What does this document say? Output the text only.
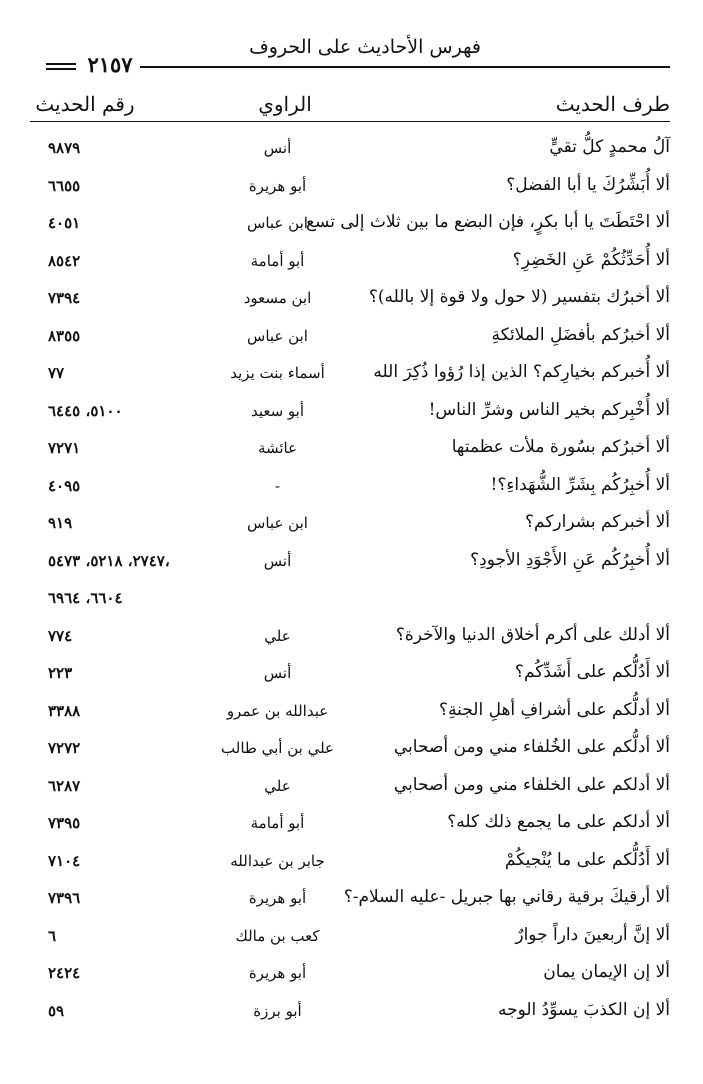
فهرس الأحاديث على الحروف
٢١٥٧
طرف الحديث
الراوي
رقم الحديث
آلُ محمدٍ كلُّ تقيٍّ
أنس
٩٨٧٩
ألا أُبَشِّرُكَ يا أبا الفضل؟
أبو هريرة
٦٦٥٥
ألا احْتَطَتَ يا أبا بكرٍ، فإن البضع ما بين ثلاث إلى تسع
ابن عباس
٤٠٥١
ألا أُحَدِّثُكُمْ عَنِ الخَضِرِ؟
أبو أمامة
٨٥٤٢
ألا أخبرُك بتفسير (لا حول ولا قوة إلا بالله)؟
ابن مسعود
٧٣٩٤
ألا أخبرُكم بأفضَلِ الملائكةِ
ابن عباس
٨٣٥٥
ألا أُخبركم بخيارِكم؟ الذين إذا رُؤوا ذُكِرَ الله
أسماء بنت يزيد
٧٧
ألا أُخْبِركم بخير الناس وشرِّ الناس!
أبو سعيد
٥١٠٠، ٦٤٤٥
ألا أخبرُكم بسُورة ملأت عظمتها
عائشة
٧٢٧١
ألا أُخبِرُكُم بِشَرِّ الشُّهَداءِ؟!
-
٤٠٩٥
ألا أخبركم بشراركم؟
ابن عباس
٩١٩
ألا أُخبِرُكُم عَنِ الأَجْوَدِ الأجودِ؟
أنس
٢٧٤٧، ٥٢١٨، ٥٤٧٣،
٦٦٠٤، ٦٩٦٤
ألا أدلك على أكرم أخلاق الدنيا والآخرة؟
علي
٧٧٤
ألا أَدُلُّكم على أَشَدِّكُم؟
أنس
٢٢٣
ألا أدلُّكم على أشرافِ أهلِ الجنةِ؟
عبدالله بن عمرو
٣٣٨٨
ألا أدلُّكم على الخُلفاء مني ومن أصحابي
علي بن أبي طالب
٧٢٧٢
ألا أدلكم على الخلفاء مني ومن أصحابي
علي
٦٢٨٧
ألا أدلكم على ما يجمع ذلك كله؟
أبو أمامة
٧٣٩٥
ألا أَدُلُّكم على ما يُنْجيكُمْ
جابر بن عبدالله
٧١٠٤
ألا أرقيكَ برقية رقاني بها جبريل -عليه السلام-؟
أبو هريرة
٧٣٩٦
ألا إنَّ أربعينَ داراً جوارٌ
كعب بن مالك
٦
ألا إن الإيمان يمان
أبو هريرة
٢٤٢٤
ألا إن الكذبَ يسوِّدُ الوجه
أبو برزة
٥٩
